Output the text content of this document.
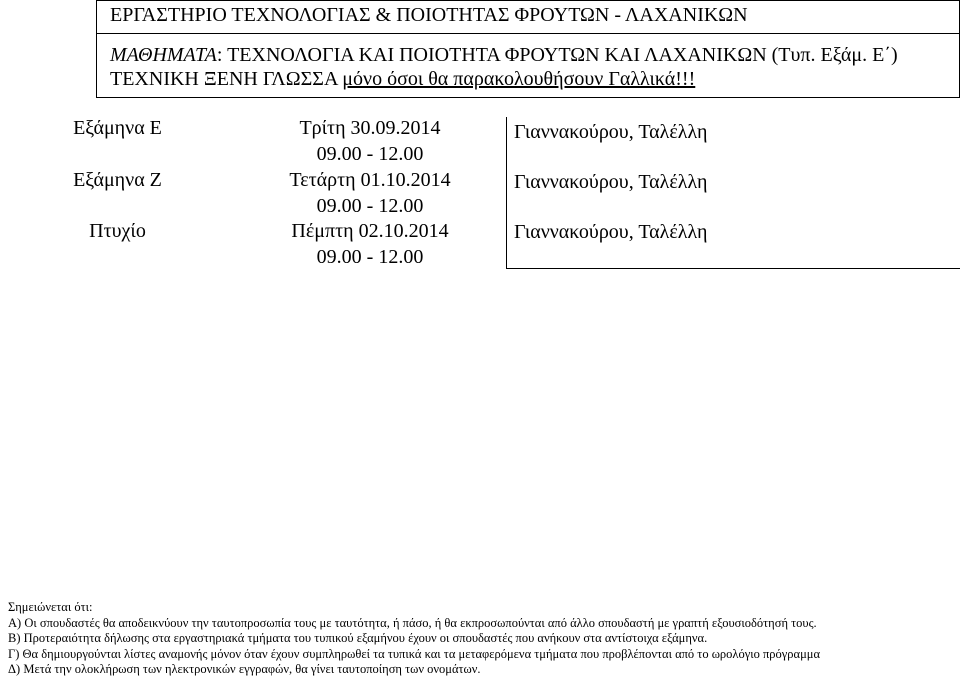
ΕΡΓΑΣΤΗΡΙΟ ΤΕΧΝΟΛΟΓΙΑΣ & ΠΟΙΟΤΗΤΑΣ ΦΡΟΥΤΩΝ - ΛΑΧΑΝΙΚΩΝ
ΜΑΘΗΜΑΤΑ: ΤΕΧΝΟΛΟΓΙΑ ΚΑΙ ΠΟΙΟΤΗΤΑ ΦΡΟΥΤΩΝ ΚΑΙ ΛΑΧΑΝΙΚΩΝ (Τυπ. Εξάμ. Ε΄)
ΤΕΧΝΙΚΗ ΞΕΝΗ ΓΛΩΣΣΑ μόνο όσοι θα παρακολουθήσουν Γαλλικά!!!
Εξάμηνα Ε
Εξάμηνα Ζ
Πτυχίο
Τρίτη 30.09.2014
09.00 - 12.00
Τετάρτη 01.10.2014
09.00 - 12.00
Πέμπτη 02.10.2014
09.00 - 12.00
Γιαννακούρου, Ταλέλλη
Γιαννακούρου, Ταλέλλη
Γιαννακούρου, Ταλέλλη
Σημειώνεται ότι:
Α) Οι σπουδαστές θα αποδεικνύουν την ταυτοπροσωπία τους με ταυτότητα, ή πάσο, ή θα εκπροσωπούνται από άλλο σπουδαστή με γραπτή εξουσιοδότησή τους.
Β) Προτεραιότητα δήλωσης στα εργαστηριακά τμήματα του τυπικού εξαμήνου έχουν οι σπουδαστές που ανήκουν στα αντίστοιχα εξάμηνα.
Γ) Θα δημιουργούνται λίστες αναμονής μόνον όταν έχουν συμπληρωθεί τα τυπικά και τα μεταφερόμενα τμήματα που προβλέπονται από το ωρολόγιο πρόγραμμα
Δ) Μετά την ολοκλήρωση των ηλεκτρονικών εγγραφών, θα γίνει ταυτοποίηση των ονομάτων.
